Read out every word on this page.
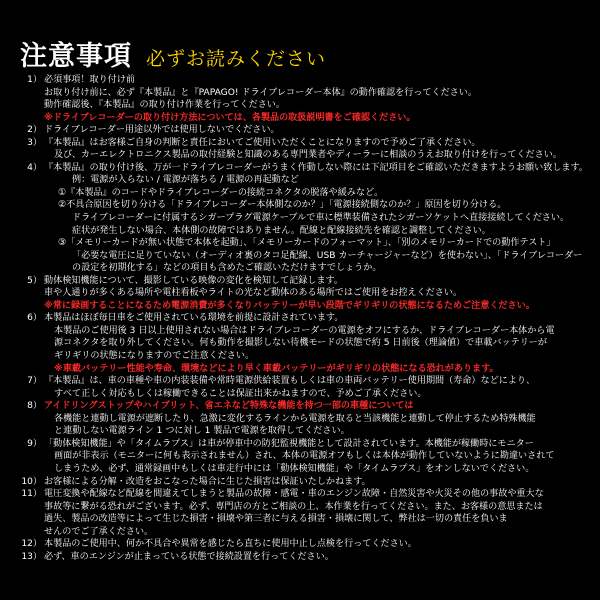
注意事項 必ずお読みください
1） 必須事項！取り付け前
お取り付け前に、必ず『本製品』と『PAPAGO! ドライブレコーダー本体』の動作確認を行ってください。
動作確認後、『本製品』の取り付け作業を行ってください。
※ドライブレコーダーの取り付け方法については、各製品の取扱説明書をご確認ください。
2） ドライブレコーダー用途以外では使用しないでください。
3） 『本製品』はお客様ご自身の判断と責任においてご使用いただくことになりますので予めご了承ください。
及び、カーエレクトロニクス製品の取付経験と知識のある専門業者やディーラーに相談のうえお取り付けを行ってください。
4） 『本製品』の取り付け後、万が一ドライブレコーダーがうまく作動しない際には下記項目をご確認いただきますようお願い致します。
例：電源が入らない / 電源が落ちる / 電源の再起動など
①『本製品』のコードやドライブレコーダーの接続コネクタの脱落や緩みなど。
②不具合原因を切り分ける「ドライブレコーダー本体側なのか？」「電源接続側なのか？」原因を切り分ける。
ドライブレコーダーに付属するシガープラグ電源ケーブルで車に標準装備されたシガーソケットへ直接接続してください。
症状が発生しない場合、本体側の故障ではありません。配線と配線接続先を確認と調整してください。
③「メモリーカードが無い状態で本体を起動」、「メモリーカードのフォーマット」、「別のメモリーカードでの動作テスト」
「必要な電圧に足りていない（オーディオ裏のタコ足配線、USB カーチャージャーなど）を使わない」、「ドライブレコーダー
の設定を初期化する」などの項目も含めたご確認いただけますでしょうか。
5） 動体検知機能について、撮影している映像の変化を検知して記録します。
車や人通りが多くある場所や電柱看板やライトの光など動体のある場所ではご使用をお控えください。
※常に録画することになるため電源消費が多くなりバッテリーが早い段階でギリギリの状態になるためご注意ください。
6） 本製品はほぼ毎日車をご使用されている環境を前提に設計されています。
本製品のご使用後 3 日以上使用されない場合はドライブレコーダーの電源をオフにするか、ドライブレコーダー本体から電
源コネクタを取り外してください。何も動作を撮影しない待機モードの状態で約 5 日前後（理論値）で車載バッテリーが
ギリギリの状態になりますのでご注意ください。
※車載バッテリー性能や寿命、環境などにより早く車載バッテリーがギリギリの状態になる恐れがあります。
7） 『本製品』は、車の車種や車の内装装備や常時電源供給装置もしくは車の車両バッテリー使用期間（寿命）などにより、
すべて正しく対応もしくは稼働できることは保証出来かねますので、予めご了承ください。
8） アイドリングストップやハイブリット、省エネなど特殊な機能を持つ一部の車種については
各機能と連動し電源が遮断したり、急激に変化するラインから電源を取ると当該機能と連動して停止するため特殊機能
と連動しない電源ライン 1 つに対し 1 製品で電源を取得してください。
9） 「動体検知機能」や「タイムラプス」は車が停車中の防犯監視機能として設計されています。本機能が稼働時にモニター
画面が非表示（モニターに何も表示されません）され、本体の電源オフもしくは本体が動作していないように勘違いされて
しまうため、必ず、通常録画中もしくは車走行中には「動体検知機能」や「タイムラプス」をオンしないでください。
10） お客様による分解・改造をおこなった場合に生じた損害は保証いたしかねます。
11） 電圧変換や配線など配線を間違えてしまうと製品の故障・感電・車のエンジン故障・自然災害や火災その他の事故や重大な
事故等に繋がる恐れがございます。必ず、専門店の方とご相談の上、本作業を行ってください。また、お客様の意思または
過失、製品の改造等によって生じた損害・損壊や第三者に与える損害・損壊に関して、弊社は一切の責任を負いま
せんのでご了承ください。
12） 本製品のご使用中、何か不具合や異常を感じたら直ちに使用中止し点検を行ってください。
13） 必ず、車のエンジンが止まっている状態で接続設置を行ってください。
